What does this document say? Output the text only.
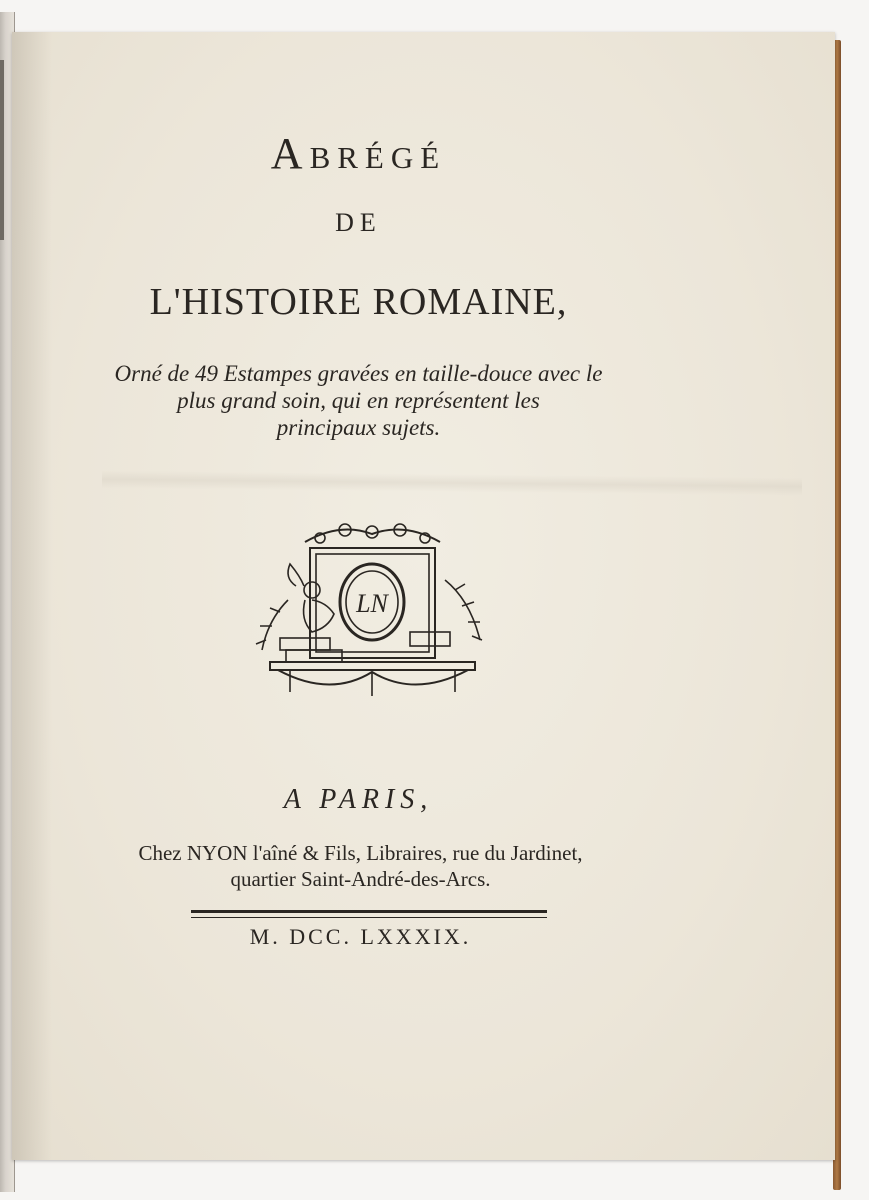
Abrégé
DE
L'HISTOIRE ROMAINE,
Orné de 49 Estampes gravées en taille-douce avec le
plus grand soin, qui en représentent les
principaux sujets.
LN
A PARIS,
Chez NYON l'aîné & Fils, Libraires, rue du Jardinet,
quartier Saint-André-des-Arcs.
M. DCC. LXXXIX.
